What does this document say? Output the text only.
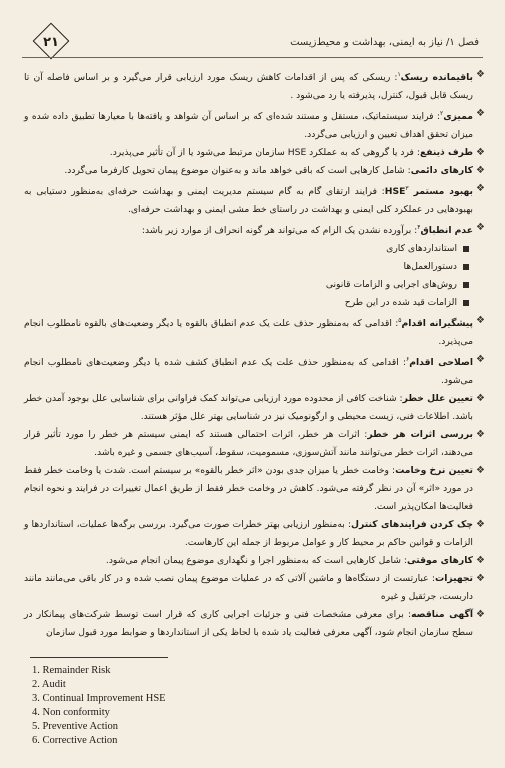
۲۱	فصل ۱/ نیاز به ایمنی، بهداشت و محیط‌زیست

❖
باقیمانده ریسک$^۱$: ریسکی که پس از اقدامات کاهش ریسک مورد ارزیابی قرار می‌گیرد و بر اساس فاصله آن تا ریسک قابل قبول، کنترل، پذیرفته یا رد می‌شود .

❖
ممیزی$^۲$: فرایند سیستماتیک، مستقل و مستند شده‌ای که بر اساس آن شواهد و یافته‌ها با معیارها تطبیق داده شده و میزان تحقق اهداف تعیین و ارزیابی می‌گردد.

❖
طرف ذینفع: فرد یا گروهی که به عملکرد HSE سازمان مرتبط می‌شود یا از آن تأثیر می‌پذیرد.

❖
کارهای دائمی: شامل کارهایی است که باقی خواهد ماند و به‌عنوان موضوع پیمان تحویل کارفرما می‌گردد.

❖
بهبود مستمر HSE$^۳$: فرایند ارتقای گام به گام سیستم مدیریت ایمنی و بهداشت حرفه‌ای به‌منظور دستیابی به بهبودهایی در عملکرد کلی ایمنی و بهداشت در راستای خط مشی ایمنی و بهداشت حرفه‌ای.

❖
عدم انطباق$^۴$: برآورده نشدن یک الزام که می‌تواند هر گونه انحراف از موارد زیر باشد:

استانداردهای کاری

دستورالعمل‌ها

روش‌های اجرایی و الزامات قانونی

الزامات قید شده در این طرح

❖
پیشگیرانه اقدام$^۵$: اقدامی که به‌منظور حذف علت یک عدم انطباق بالقوه یا دیگر وضعیت‌های بالقوه نامطلوب انجام می‌پذیرد.

❖
اصلاحی اقدام$^۶$: اقدامی که به‌منظور حذف علت یک عدم انطباق کشف شده یا دیگر وضعیت‌های نامطلوب انجام می‌شود.

❖
تعیین علل خطر: شناخت کافی از محدوده مورد ارزیابی می‌تواند کمک فراوانی برای شناسایی علل بوجود آمدن خطر باشد. اطلاعات فنی، زیست محیطی و ارگونومیک نیز در شناسایی بهتر علل مؤثر هستند.

❖
بررسی اثرات هر خطر: اثرات هر خطر، اثرات احتمالی هستند که ایمنی سیستم هر خطر را مورد تأثیر قرار می‌دهند، اثرات خطر می‌توانند مانند آتش‌سوزی، مسمومیت، سقوط، آسیب‌های جسمی و غیره باشد.

❖
تعیین نرخ وخامت: وخامت خطر یا میزان جدی بودن «اثر خطر بالقوه» بر سیستم است. شدت یا وخامت خطر فقط در مورد «اثر» آن در نظر گرفته می‌شود. کاهش در وخامت خطر فقط از طریق اعمال تغییرات در فرایند و نحوه انجام فعالیت‌ها امکان‌پذیر است.

❖
چک کردن فرایندهای کنترل: به‌منظور ارزیابی بهتر خطرات صورت می‌گیرد. بررسی برگه‌ها عملیات، استانداردها و الزامات و قوانین حاکم بر محیط کار و عوامل مربوط از جمله این کارهاست.

❖
کارهای موقتی: شامل کارهایی است که به‌منظور اجرا و نگهداری موضوع پیمان انجام می‌شود.

❖
تجهیزات: عبارتست از دستگاه‌ها و ماشین آلاتی که در عملیات موضوع پیمان نصب شده و در کار باقی می‌مانند مانند داربست، جرثقیل و غیره

❖
آگهی مناقصه: برای معرفی مشخصات فنی و جزئیات اجرایی کاری که قرار است توسط شرکت‌های پیمانکار در سطح سازمان انجام شود، آگهی معرفی فعالیت یاد شده با لحاظ یکی از استانداردها و ضوابط مورد قبول سازمان

1. Remainder Risk
2. Audit
3. Continual Improvement HSE
4. Non conformity
5. Preventive Action
6. Corrective Action
